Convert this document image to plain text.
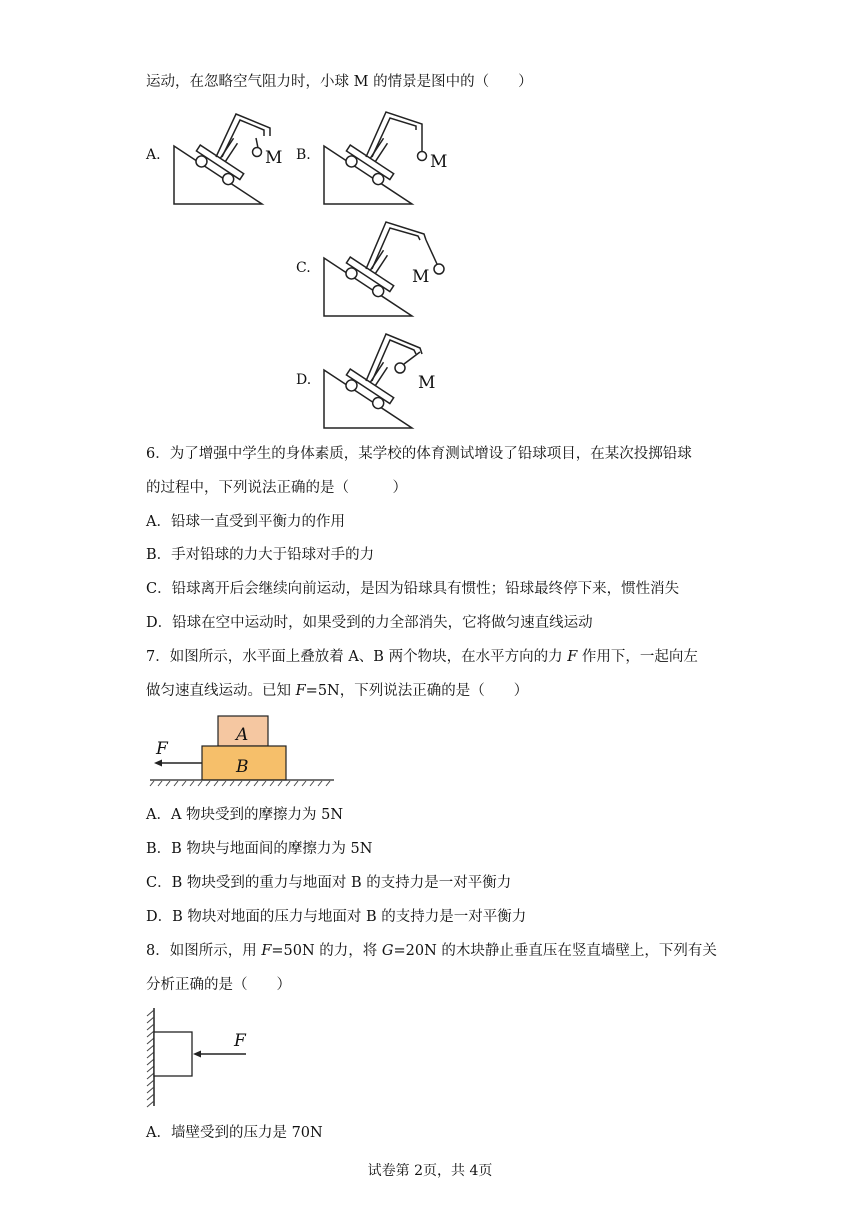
运动，在忽略空气阻力时，小球 M 的情景是图中的（　　）
A.	M B.	M
C.	M
D.	M
6．为了增强中学生的身体素质，某学校的体育测试增设了铅球项目，在某次投掷铅球
的过程中，下列说法正确的是（　　　）
A．铅球一直受到平衡力的作用
B．手对铅球的力大于铅球对手的力
C．铅球离开后会继续向前运动，是因为铅球具有惯性；铅球最终停下来，惯性消失
D．铅球在空中运动时，如果受到的力全部消失，它将做匀速直线运动
7．如图所示，水平面上叠放着 A、B 两个物块，在水平方向的力 F 作用下，一起向左
做匀速直线运动。已知 F=5N，下列说法正确的是（　　）
F
A
B
A．A 物块受到的摩擦力为 5N
B．B 物块与地面间的摩擦力为 5N
C．B 物块受到的重力与地面对 B 的支持力是一对平衡力
D．B 物块对地面的压力与地面对 B 的支持力是一对平衡力
8．如图所示，用 F=50N 的力，将 G=20N 的木块静止垂直压在竖直墙壁上，下列有关
分析正确的是（　　）
F
A．墙壁受到的压力是 70N
试卷第 2页，共 4页
